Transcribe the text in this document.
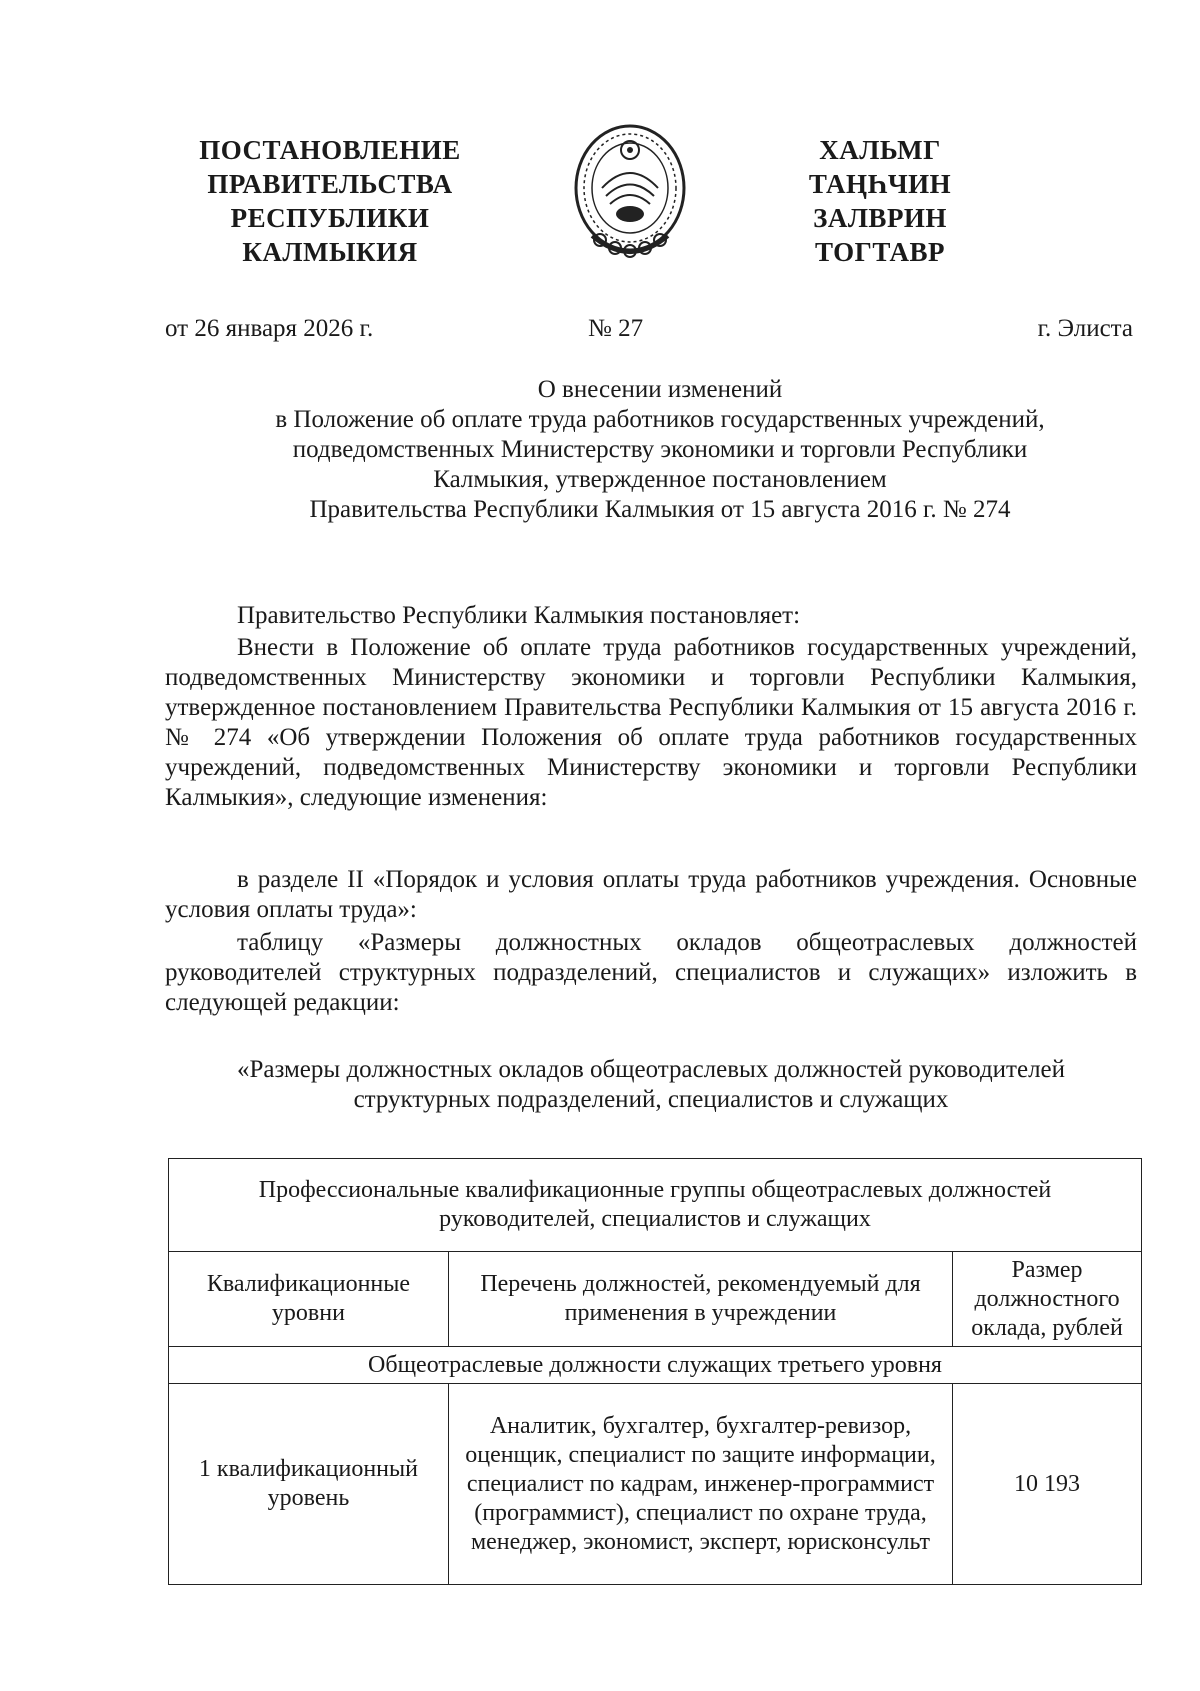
ПОСТАНОВЛЕНИЕ
ПРАВИТЕЛЬСТВА
РЕСПУБЛИКИ
КАЛМЫКИЯ
ХАЛЬМГ
ТАҢҺЧИН
ЗАЛВРИН
ТОГТАВР
от 26 января 2026 г.	№ 27	г. Элиста
О внесении изменений
в Положение об оплате труда работников государственных учреждений,
подведомственных Министерству экономики и торговли Республики
Калмыкия, утвержденное постановлением
Правительства Республики Калмыкия от 15 августа 2016 г. № 274
Правительство Республики Калмыкия постановляет:
Внести в Положение об оплате труда работников государственных учреждений, подведомственных Министерству экономики и торговли Республики Калмыкия, утвержденное постановлением Правительства Республики Калмыкия от 15 августа 2016 г. № 274 «Об утверждении Положения об оплате труда работников государственных учреждений, подведомственных Министерству экономики и торговли Республики Калмыкия», следующие изменения:
в разделе II «Порядок и условия оплаты труда работников учреждения. Основные условия оплаты труда»:
таблицу «Размеры должностных окладов общеотраслевых должностей руководителей структурных подразделений, специалистов и служащих» изложить в следующей редакции:
«Размеры должностных окладов общеотраслевых должностей руководителей
структурных подразделений, специалистов и служащих
Профессиональные квалификационные группы общеотраслевых должностей руководителей, специалистов и служащих		
Квалификационные уровни	Перечень должностей, рекомендуемый для применения в учреждении	Размер должностного оклада, рублей
Общеотраслевые должности служащих третьего уровня		
1 квалификационный уровень	Аналитик, бухгалтер, бухгалтер-ревизор, оценщик, специалист по защите информации, специалист по кадрам, инженер-программист (программист), специалист по охране труда, менеджер, экономист, эксперт, юрисконсульт	10 193
